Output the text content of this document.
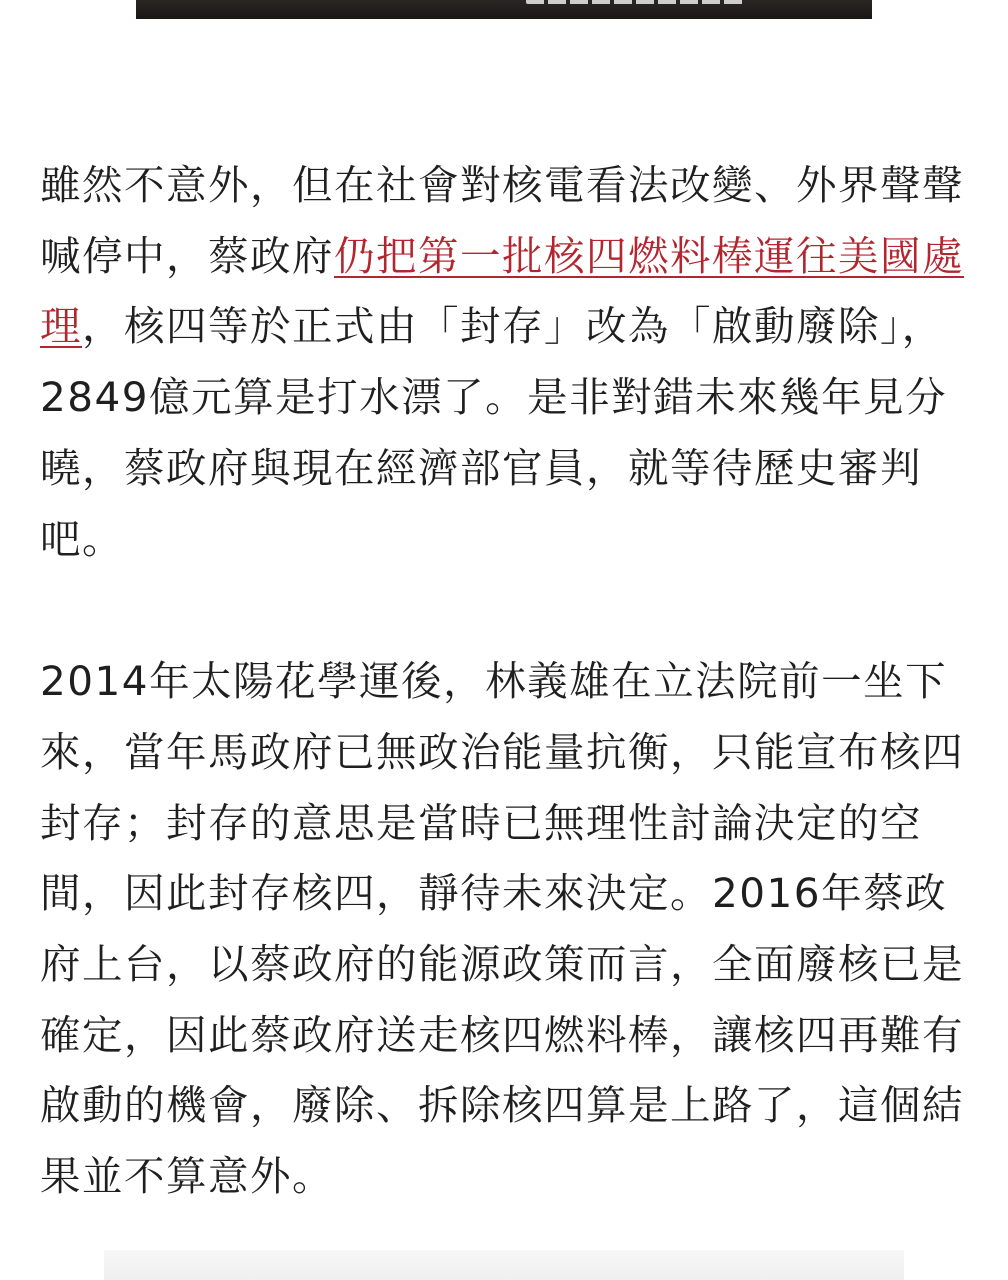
雖然不意外，但在社會對核電看法改變、外界聲聲喊停中，蔡政府仍把第一批核四燃料棒運往美國處理，核四等於正式由「封存」改為「啟動廢除」，2849億元算是打水漂了。是非對錯未來幾年見分曉，蔡政府與現在經濟部官員，就等待歷史審判吧。

2014年太陽花學運後，林義雄在立法院前一坐下來，當年馬政府已無政治能量抗衡，只能宣布核四封存；封存的意思是當時已無理性討論決定的空間，因此封存核四，靜待未來決定。2016年蔡政府上台，以蔡政府的能源政策而言，全面廢核已是確定，因此蔡政府送走核四燃料棒，讓核四再難有啟動的機會，廢除、拆除核四算是上路了，這個結果並不算意外。
